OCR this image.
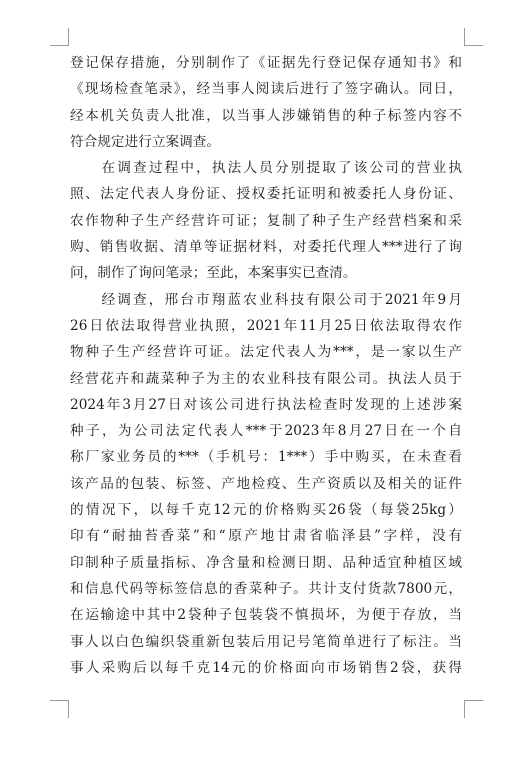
登记保存措施，分别制作了《证据先行登记保存通知书》和
《现场检查笔录》，经当事人阅读后进行了签字确认。同日，
经本机关负责人批准，以当事人涉嫌销售的种子标签内容不
符合规定进行立案调查。
　　在调查过程中，执法人员分别提取了该公司的营业执
照、法定代表人身份证、授权委托证明和被委托人身份证、
农作物种子生产经营许可证；复制了种子生产经营档案和采
购、销售收据、清单等证据材料，对委托代理人***进行了询
问，制作了询问笔录；至此，本案事实已查清。
　　经调查，邢台市翔蓝农业科技有限公司于2021年9月
26日依法取得营业执照，2021年11月25日依法取得农作
物种子生产经营许可证。法定代表人为***，是一家以生产
经营花卉和蔬菜种子为主的农业科技有限公司。执法人员于
2024年3月27日对该公司进行执法检查时发现的上述涉案
种子，为公司法定代表人***于2023年8月27日在一个自
称厂家业务员的***（手机号：1***）手中购买，在未查看
该产品的包装、标签、产地检疫、生产资质以及相关的证件
的情况下，以每千克12元的价格购买26袋（每袋25kg）
印有“耐抽苔香菜”和“原产地甘肃省临泽县”字样，没有
印制种子质量指标、净含量和检测日期、品种适宜种植区域
和信息代码等标签信息的香菜种子。共计支付货款7800元，
在运输途中其中2袋种子包装袋不慎损坏，为便于存放，当
事人以白色编织袋重新包装后用记号笔简单进行了标注。当
事人采购后以每千克14元的价格面向市场销售2袋，获得
